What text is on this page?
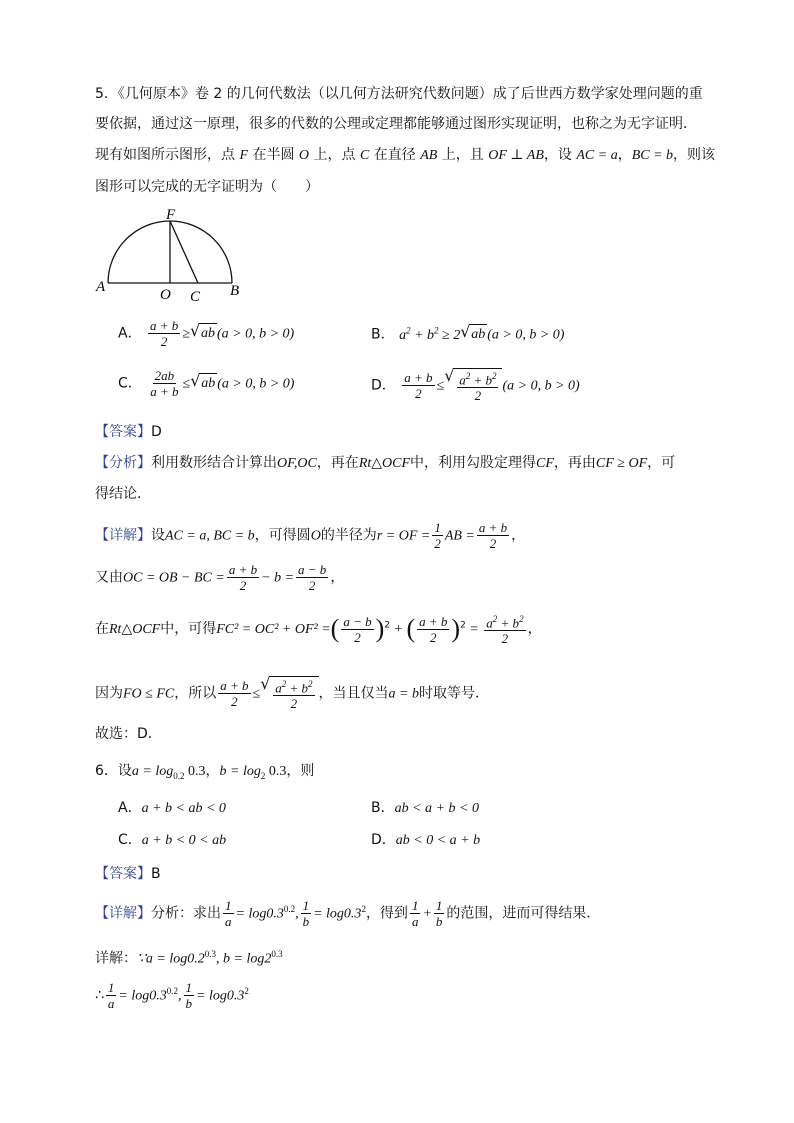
5．《几何原本》卷 2 的几何代数法（以几何方法研究代数问题）成了后世西方数学家处理问题的重
要依据，通过这一原理，很多的代数的公理或定理都能够通过图形实现证明，也称之为无字证明．
现有如图所示图形，点 F 在半圆 O 上，点 C 在直径 AB 上，且 OF ⊥ AB，设 AC = a，BC = b，则该
图形可以完成的无字证明为（　　）
F
A	O C B
A． $\frac{a + b}{2}$ ≥√ ab (a > 0, b > 0)	B． $a^2 + b^2 \ge 2√$ ab (a > 0, b > 0)
C． $\frac{2ab}{a + b}$ ≤√ ab (a > 0, b > 0)	D． $\frac{a + b}{2}$ ≤
√ $\frac{a^2 + b^2}{2} (a > 0$, b > 0)
【答案】D
【分析】利用数形结合计算出OF,OC，再在Rt△OCF中，利用勾股定理得CF，再由CF ≥ OF，可
得结论．
【详解】设AC = a, BC = b，可得圆O的半径为r = OF = $\frac{1}{2}$ AB = $\frac{a + b}{2}$ ，
又由OC = OB − BC = $\frac{a + b}{2} - b = \frac{a - b}{2}$ ，
在Rt△OCF中，可得FC² = OC² + OF² =( $\frac{a - b}{2} )^2$ + ( $\frac{a + b}{2} )^2 = \frac{a^2 + b^2}{2}$ ，
因为FO ≤ FC，所以 $\frac{a + b}{2}$ ≤
√ $\frac{a^2 + b^2}{2}$ ，当且仅当a = b时取等号．
故选：D.
6．设$a = \log_{0.2} 0.3$，$b = \log_2 0.3$，则
A．a + b < ab < 0	B．ab < a + b < 0
C．a + b < 0 < ab	D．ab < 0 < a + b
【答案】B
【详解】分析：求出 $\frac{1}{a} = \log 0.3^{0.2}$, $\frac{1}{b} = \log 0.3^2$，得到 $\frac{1}{a} + \frac{1}{b}$ 的范围，进而可得结果．
详解：∵a = $\log 0.2^{0.3}$, $b = \log 2^{0.3}$
∴ $\frac{1}{a} = \log 0.3^{0.2}$, $\frac{1}{b} = \log 0.3^2$
